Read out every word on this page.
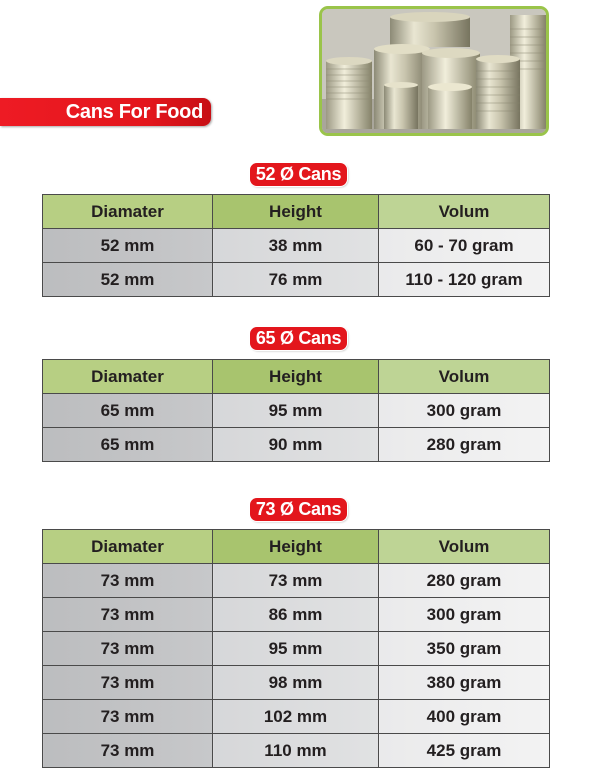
Cans For Food
52 Ø Cans
Diamater	Height	Volum
52 mm	38 mm	60 - 70 gram
52 mm	76 mm	110 - 120 gram
65 Ø Cans
Diamater	Height	Volum
65 mm	95 mm	300 gram
65 mm	90 mm	280 gram
73 Ø Cans
Diamater	Height	Volum
73 mm	73 mm	280 gram
73 mm	86 mm	300 gram
73 mm	95 mm	350 gram
73 mm	98 mm	380 gram
73 mm	102 mm	400 gram
73 mm	110 mm	425 gram
